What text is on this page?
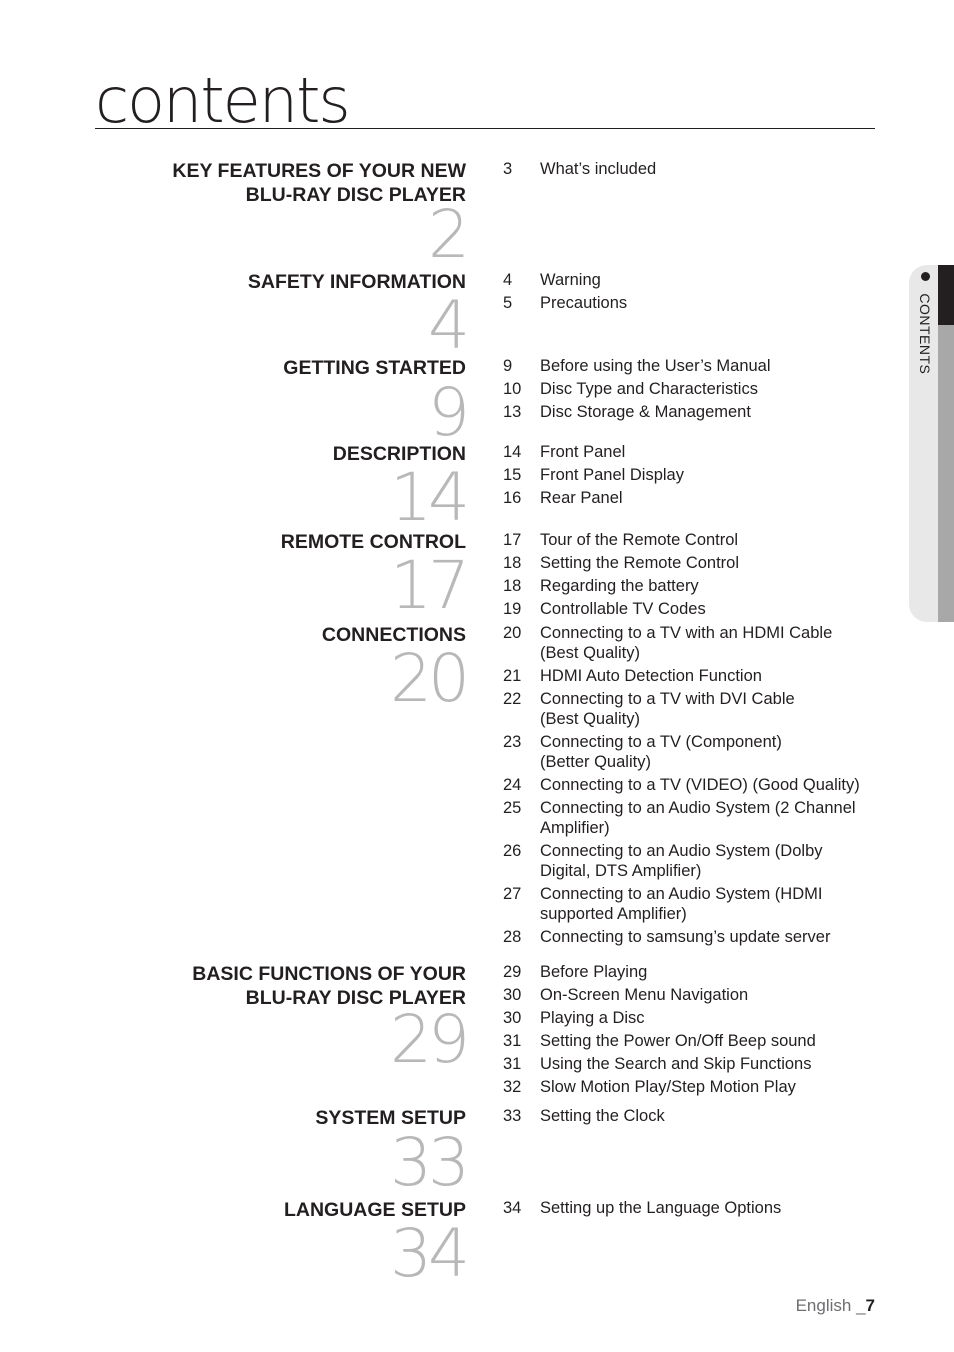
contents
CONTENTS
KEY FEATURES OF YOUR NEW
BLU-RAY DISC PLAYER
2
3	What’s included
SAFETY INFORMATION
4
4	Warning
5	Precautions
GETTING STARTED
9
9	Before using the User’s Manual
10	Disc Type and Characteristics
13	Disc Storage & Management
DESCRIPTION
14
14	Front Panel
15	Front Panel Display
16	Rear Panel
REMOTE CONTROL
17
17	Tour of the Remote Control
18	Setting the Remote Control
18	Regarding the battery
19	Controllable TV Codes
CONNECTIONS
20
20	Connecting to a TV with an HDMI Cable
(Best Quality)
21	HDMI Auto Detection Function
22	Connecting to a TV with DVI Cable
(Best Quality)
23	Connecting to a TV (Component)
(Better Quality)
24	Connecting to a TV (VIDEO) (Good Quality)
25	Connecting to an Audio System (2 Channel
Amplifier)
26	Connecting to an Audio System (Dolby
Digital, DTS Amplifier)
27	Connecting to an Audio System (HDMI
supported Amplifier)
28	Connecting to samsung’s update server
BASIC FUNCTIONS OF YOUR
BLU-RAY DISC PLAYER
29
29	Before Playing
30	On-Screen Menu Navigation
30	Playing a Disc
31	Setting the Power On/Off Beep sound
31	Using the Search and Skip Functions
32	Slow Motion Play/Step Motion Play
SYSTEM SETUP
33
33	Setting the Clock
LANGUAGE SETUP
34
34	Setting up the Language Options
English _7
